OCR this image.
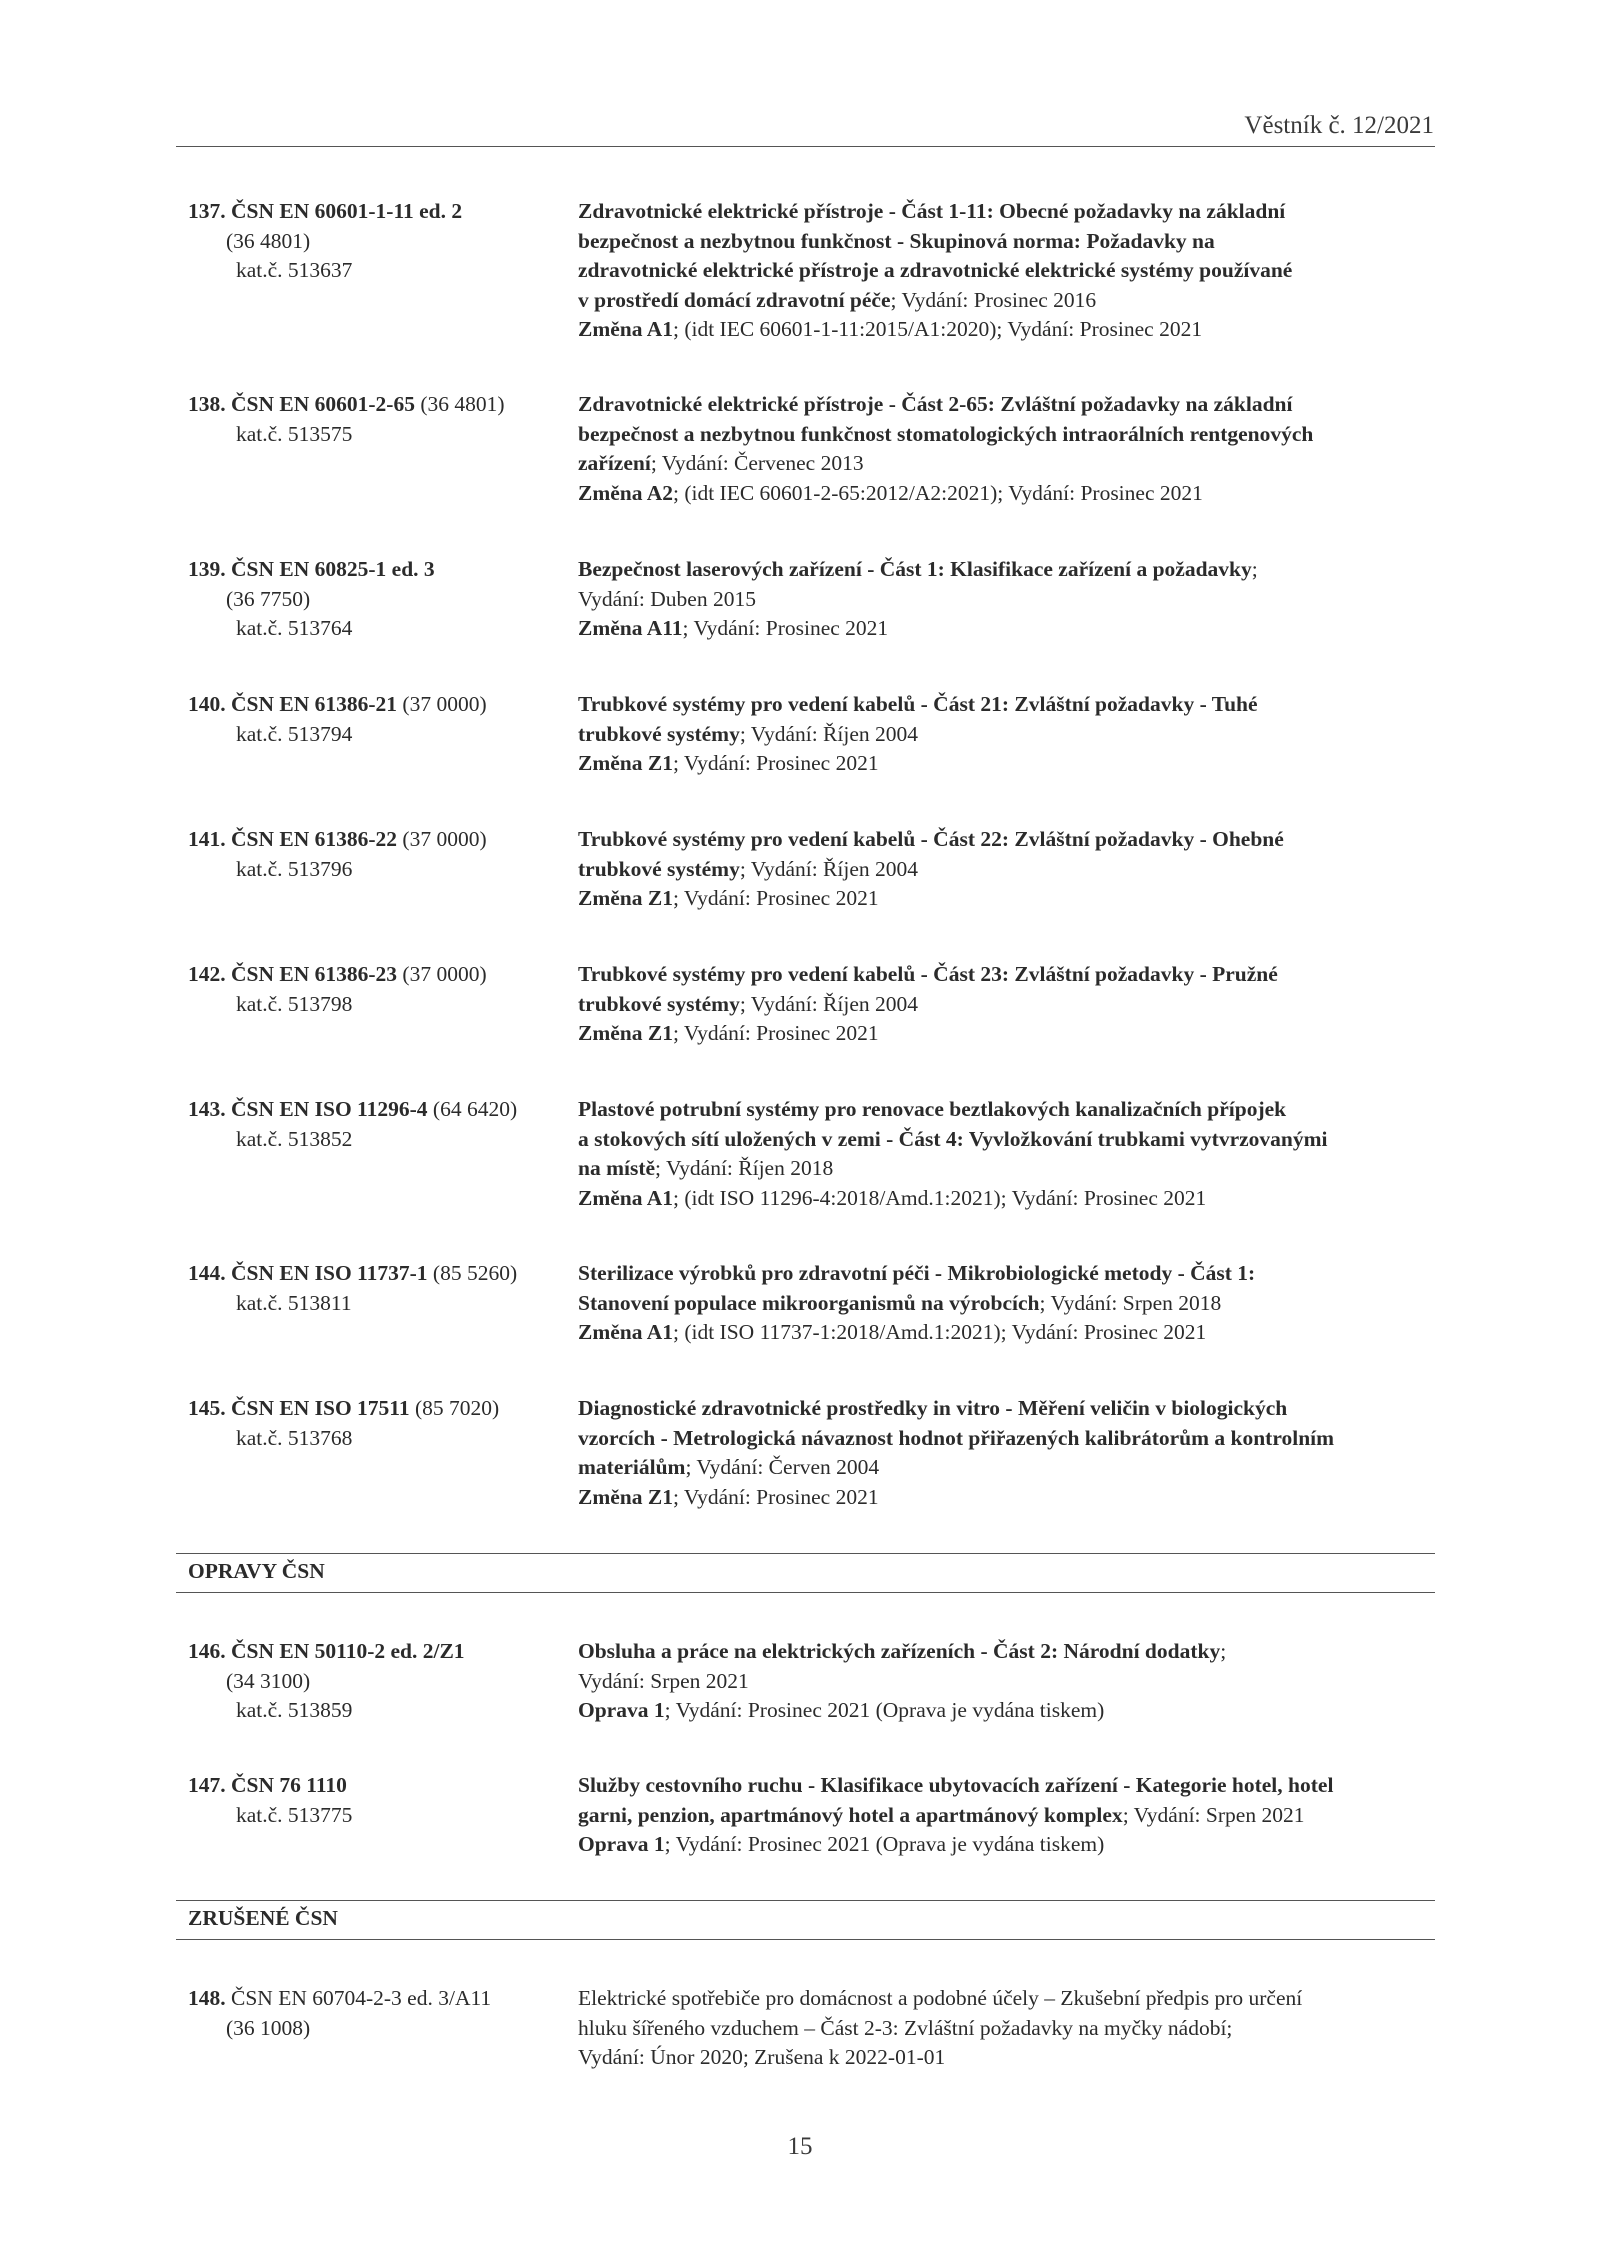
Věstník č. 12/2021
137. ČSN EN 60601-1-11 ed. 2
(36 4801)
kat.č. 513637
Zdravotnické elektrické přístroje - Část 1-11: Obecné požadavky na základní
bezpečnost a nezbytnou funkčnost - Skupinová norma: Požadavky na
zdravotnické elektrické přístroje a zdravotnické elektrické systémy používané
v prostředí domácí zdravotní péče; Vydání: Prosinec 2016
Změna A1; (idt IEC 60601-1-11:2015/A1:2020); Vydání: Prosinec 2021
138. ČSN EN 60601-2-65 (36 4801)
kat.č. 513575
Zdravotnické elektrické přístroje - Část 2-65: Zvláštní požadavky na základní
bezpečnost a nezbytnou funkčnost stomatologických intraorálních rentgenových
zařízení; Vydání: Červenec 2013
Změna A2; (idt IEC 60601-2-65:2012/A2:2021); Vydání: Prosinec 2021
139. ČSN EN 60825-1 ed. 3
(36 7750)
kat.č. 513764
Bezpečnost laserových zařízení - Část 1: Klasifikace zařízení a požadavky;
Vydání: Duben 2015
Změna A11; Vydání: Prosinec 2021
140. ČSN EN 61386-21 (37 0000)
kat.č. 513794
Trubkové systémy pro vedení kabelů - Část 21: Zvláštní požadavky - Tuhé
trubkové systémy; Vydání: Říjen 2004
Změna Z1; Vydání: Prosinec 2021
141. ČSN EN 61386-22 (37 0000)
kat.č. 513796
Trubkové systémy pro vedení kabelů - Část 22: Zvláštní požadavky - Ohebné
trubkové systémy; Vydání: Říjen 2004
Změna Z1; Vydání: Prosinec 2021
142. ČSN EN 61386-23 (37 0000)
kat.č. 513798
Trubkové systémy pro vedení kabelů - Část 23: Zvláštní požadavky - Pružné
trubkové systémy; Vydání: Říjen 2004
Změna Z1; Vydání: Prosinec 2021
143. ČSN EN ISO 11296-4 (64 6420)
kat.č. 513852
Plastové potrubní systémy pro renovace beztlakových kanalizačních přípojek
a stokových sítí uložených v zemi - Část 4: Vyvložkování trubkami vytvrzovanými
na místě; Vydání: Říjen 2018
Změna A1; (idt ISO 11296-4:2018/Amd.1:2021); Vydání: Prosinec 2021
144. ČSN EN ISO 11737-1 (85 5260)
kat.č. 513811
Sterilizace výrobků pro zdravotní péči - Mikrobiologické metody - Část 1:
Stanovení populace mikroorganismů na výrobcích; Vydání: Srpen 2018
Změna A1; (idt ISO 11737-1:2018/Amd.1:2021); Vydání: Prosinec 2021
145. ČSN EN ISO 17511 (85 7020)
kat.č. 513768
Diagnostické zdravotnické prostředky in vitro - Měření veličin v biologických
vzorcích - Metrologická návaznost hodnot přiřazených kalibrátorům a kontrolním
materiálům; Vydání: Červen 2004
Změna Z1; Vydání: Prosinec 2021
OPRAVY ČSN
146. ČSN EN 50110-2 ed. 2/Z1
(34 3100)
kat.č. 513859
Obsluha a práce na elektrických zařízeních - Část 2: Národní dodatky;
Vydání: Srpen 2021
Oprava 1; Vydání: Prosinec 2021 (Oprava je vydána tiskem)
147. ČSN 76 1110
kat.č. 513775
Služby cestovního ruchu - Klasifikace ubytovacích zařízení - Kategorie hotel, hotel
garni, penzion, apartmánový hotel a apartmánový komplex; Vydání: Srpen 2021
Oprava 1; Vydání: Prosinec 2021 (Oprava je vydána tiskem)
ZRUŠENÉ ČSN
148. ČSN EN 60704-2-3 ed. 3/A11
(36 1008)
Elektrické spotřebiče pro domácnost a podobné účely – Zkušební předpis pro určení
hluku šířeného vzduchem – Část 2-3: Zvláštní požadavky na myčky nádobí;
Vydání: Únor 2020; Zrušena k 2022-01-01
15
